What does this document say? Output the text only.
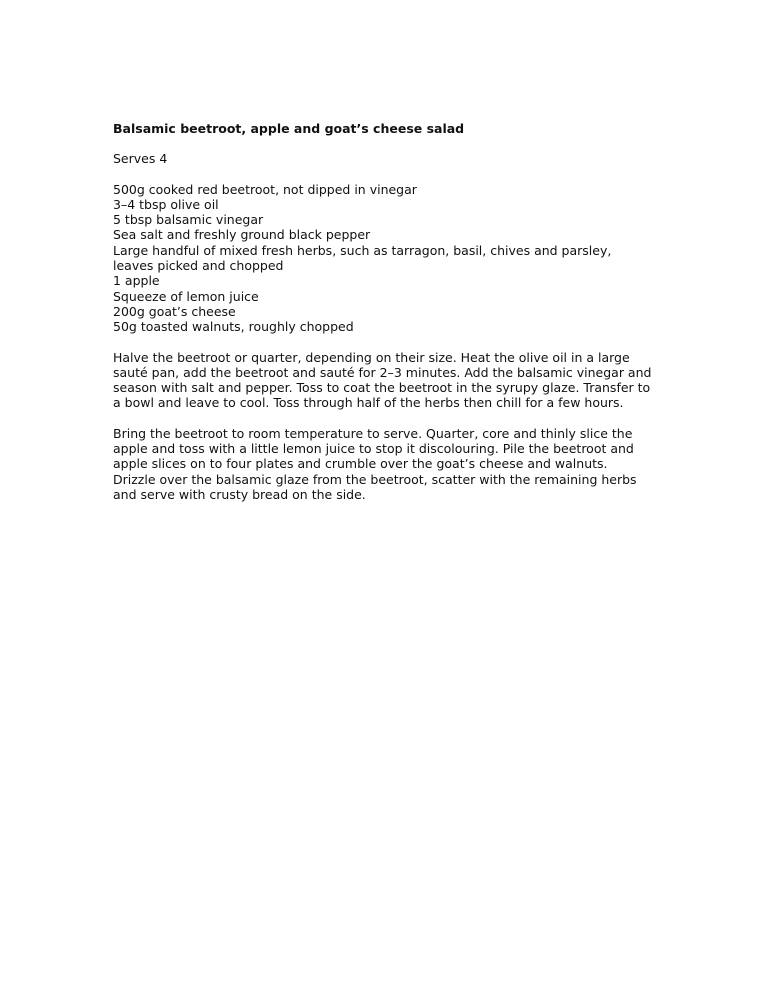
Balsamic beetroot, apple and goat’s cheese salad
Serves 4
500g cooked red beetroot, not dipped in vinegar
3–4 tbsp olive oil
5 tbsp balsamic vinegar
Sea salt and freshly ground black pepper
Large handful of mixed fresh herbs, such as tarragon, basil, chives and parsley, leaves picked and chopped
1 apple
Squeeze of lemon juice
200g goat’s cheese
50g toasted walnuts, roughly chopped

Halve the beetroot or quarter, depending on their size. Heat the olive oil in a large sauté pan, add the beetroot and sauté for 2–3 minutes. Add the balsamic vinegar and season with salt and pepper. Toss to coat the beetroot in the syrupy glaze. Transfer to a bowl and leave to cool. Toss through half of the herbs then chill for a few hours.

Bring the beetroot to room temperature to serve. Quarter, core and thinly slice the apple and toss with a little lemon juice to stop it discolouring. Pile the beetroot and apple slices on to four plates and crumble over the goat’s cheese and walnuts. Drizzle over the balsamic glaze from the beetroot, scatter with the remaining herbs and serve with crusty bread on the side.
